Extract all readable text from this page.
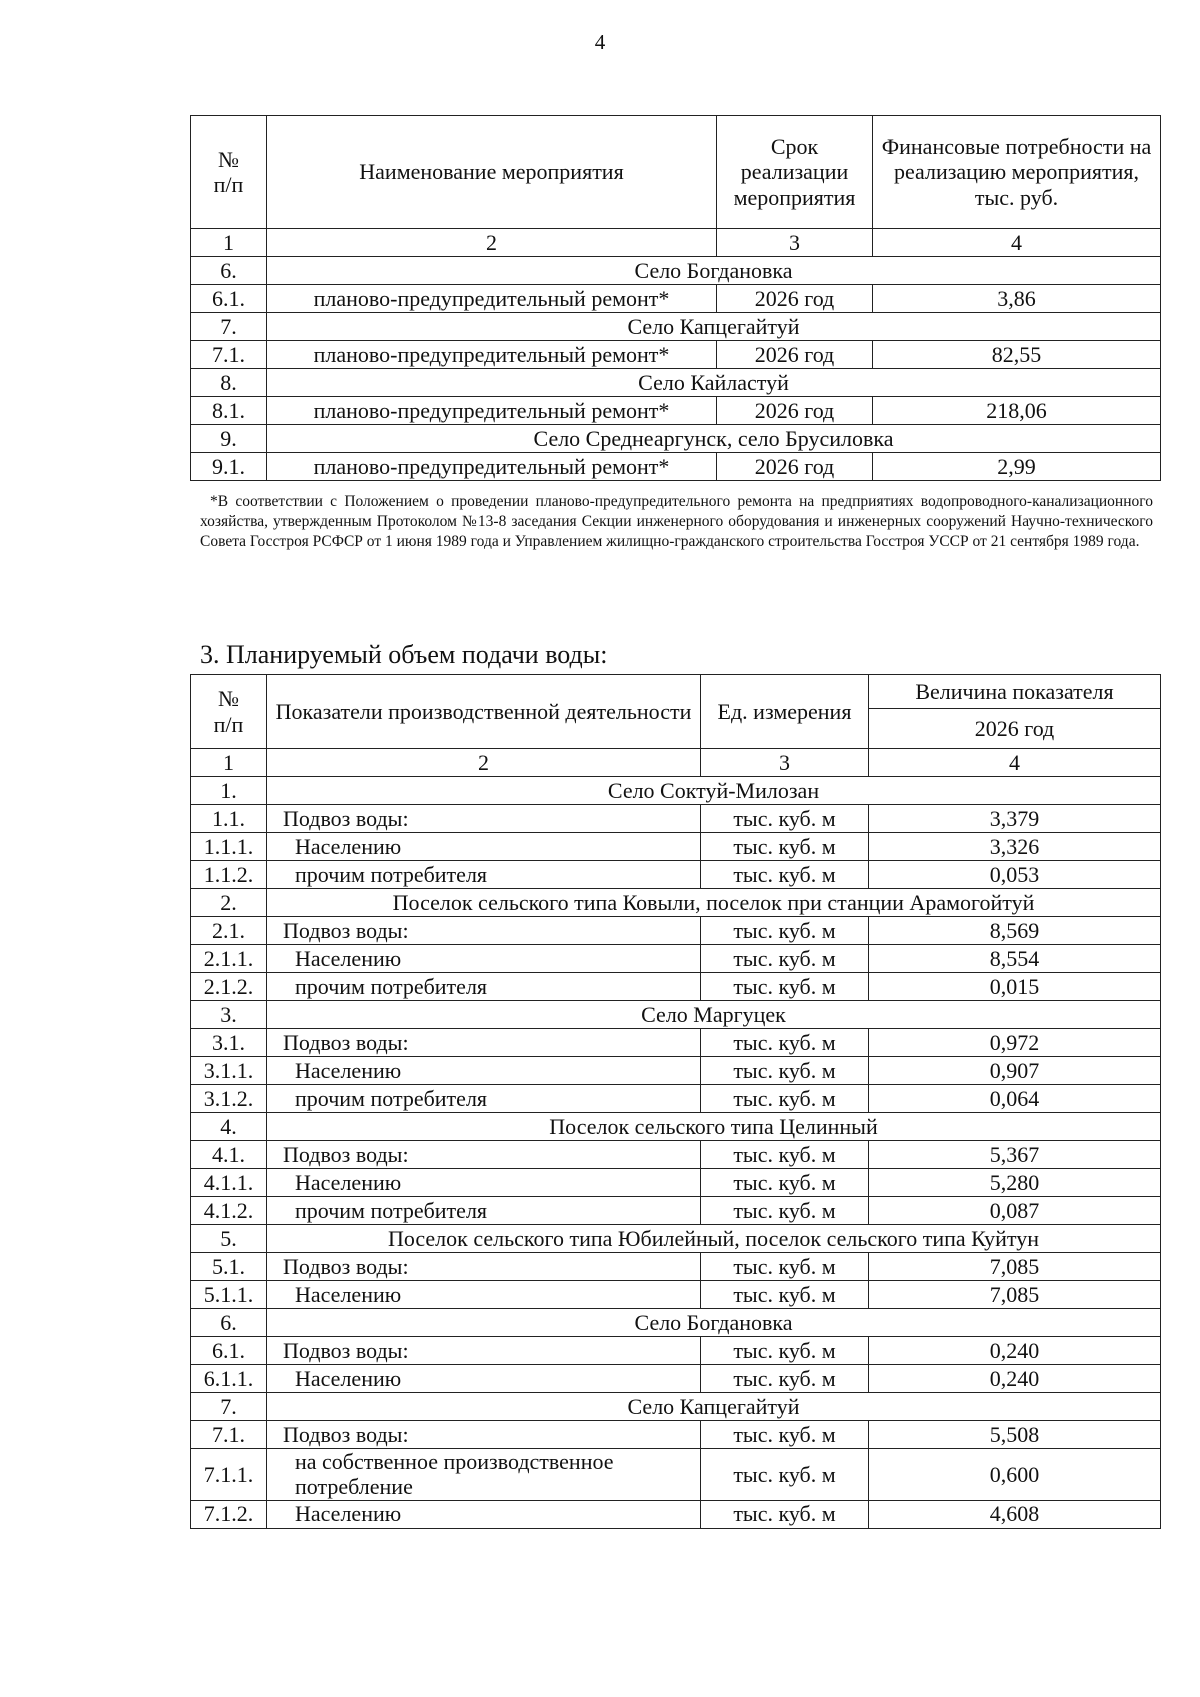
4
№
п/п	Наименование мероприятия	Срок реализации мероприятия	Финансовые потребности на реализацию мероприятия, тыс. руб.
1	2	3	4
6.	Село Богдановка		
6.1.	планово-предупредительный ремонт*	2026 год	3,86
7.	Село Капцегайтуй		
7.1.	планово-предупредительный ремонт*	2026 год	82,55
8.	Село Кайластуй		
8.1.	планово-предупредительный ремонт*	2026 год	218,06
9.	Село Среднеаргунск, село Брусиловка		
9.1.	планово-предупредительный ремонт*	2026 год	2,99
*В соответствии с Положением о проведении планово-предупредительного ремонта на предприятиях водопроводного-канализационного хозяйства, утвержденным Протоколом №13-8 заседания Секции инженерного оборудования и инженерных сооружений Научно-технического Совета Госстроя РСФСР от 1 июня 1989 года и Управлением жилищно-гражданского строительства Госстроя УССР от 21 сентября 1989 года.
3. Планируемый объем подачи воды:
№
п/п	Показатели производственной деятельности	Ед. измерения	Величина показателя
			2026 год
1	2	3	4
1.	Село Соктуй-Милозан		
1.1.	Подвоз воды:	тыс. куб. м	3,379
1.1.1.	Населению	тыс. куб. м	3,326
1.1.2.	прочим потребителя	тыс. куб. м	0,053
2.	Поселок сельского типа Ковыли, поселок при станции Арамогойтуй		
2.1.	Подвоз воды:	тыс. куб. м	8,569
2.1.1.	Населению	тыс. куб. м	8,554
2.1.2.	прочим потребителя	тыс. куб. м	0,015
3.	Село Маргуцек		
3.1.	Подвоз воды:	тыс. куб. м	0,972
3.1.1.	Населению	тыс. куб. м	0,907
3.1.2.	прочим потребителя	тыс. куб. м	0,064
4.	Поселок сельского типа Целинный		
4.1.	Подвоз воды:	тыс. куб. м	5,367
4.1.1.	Населению	тыс. куб. м	5,280
4.1.2.	прочим потребителя	тыс. куб. м	0,087
5.	Поселок сельского типа Юбилейный, поселок сельского типа Куйтун		
5.1.	Подвоз воды:	тыс. куб. м	7,085
5.1.1.	Населению	тыс. куб. м	7,085
6.	Село Богдановка		
6.1.	Подвоз воды:	тыс. куб. м	0,240
6.1.1.	Населению	тыс. куб. м	0,240
7.	Село Капцегайтуй		
7.1.	Подвоз воды:	тыс. куб. м	5,508
7.1.1.	на собственное производственное потребление	тыс. куб. м	0,600
7.1.2.	Населению	тыс. куб. м	4,608
